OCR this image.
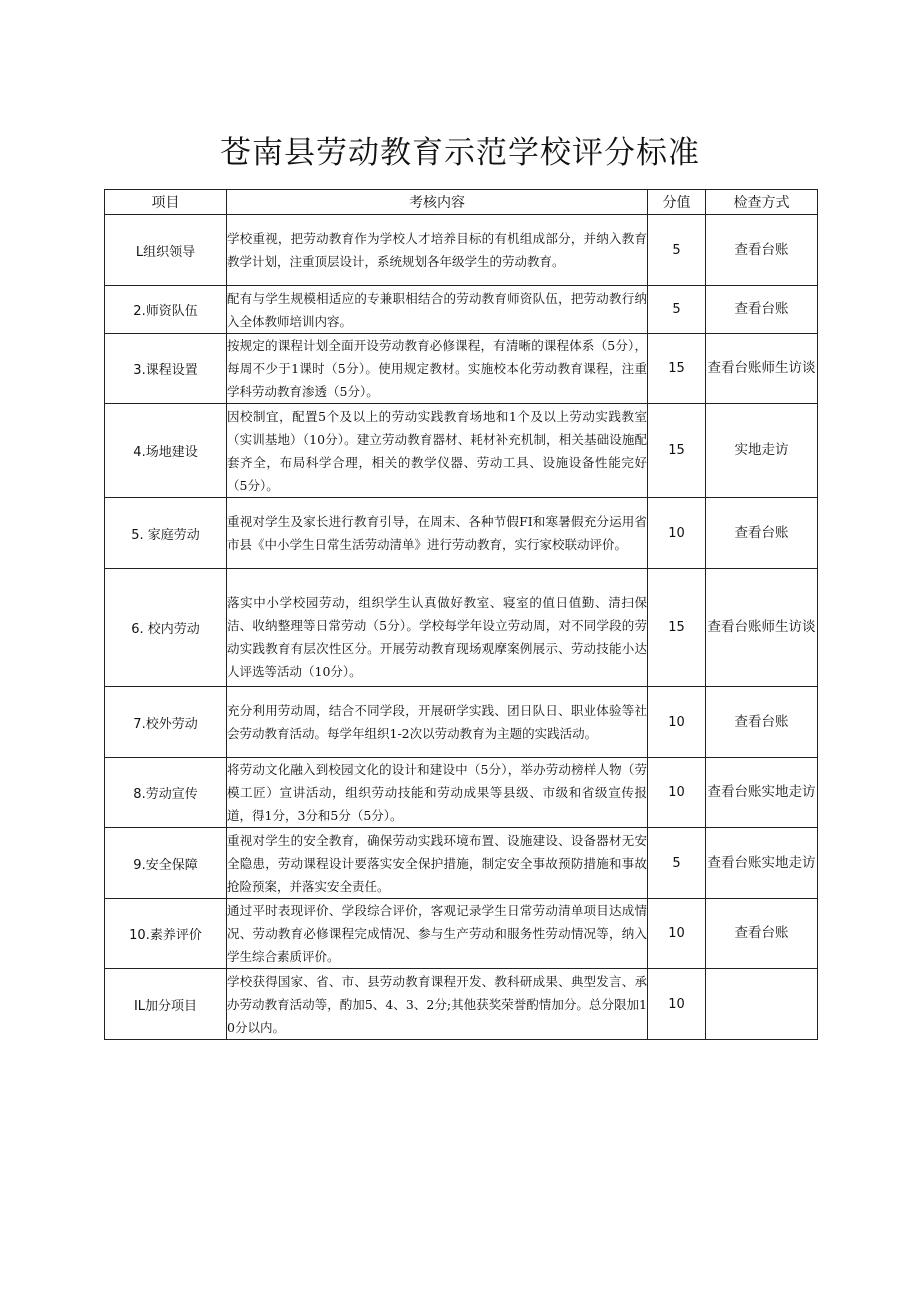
苍南县劳动教育示范学校评分标准
项目	考核内容	分值	检查方式
L组织领导	学校重视，把劳动教育作为学校人才培养目标的有机组成部分，并纳入教育教学计划，注重顶层设计，系统规划各年级学生的劳动教育。	5	查看台账
2.师资队伍	配有与学生规模相适应的专兼职相结合的劳动教育师资队伍，把劳动教行纳入全体教师培训内容。	5	查看台账
3.课程设置	按规定的课程计划全面开设劳动教育必修课程，有清晰的课程体系（5分），每周不少于1课时（5分）。使用规定教材。实施校本化劳动教育课程，注重学科劳动教育渗透（5分）。	15	查看台账师生访谈
4.场地建设	因校制宜，配置5个及以上的劳动实践教育场地和1个及以上劳动实践教室（实训基地）（10分）。建立劳动教育器材、耗材补充机制，相关基础设施配套齐全，布局科学合理，相关的教学仪器、劳动工具、设施设备性能完好（5分）。	15	实地走访
5. 家庭劳动	重视对学生及家长进行教育引导，在周末、各种节假FI和寒暑假充分运用省市县《中小学生日常生活劳动清单》进行劳动教育，实行家校联动评价。	10	查看台账
6. 校内劳动	落实中小学校园劳动，组织学生认真做好教室、寝室的值日值勤、清扫保洁、收纳整理等日常劳动（5分）。学校每学年设立劳动周，对不同学段的劳动实践教育有层次性区分。开展劳动教育现场观摩案例展示、劳动技能小达人评选等活动（10分）。	15	查看台账师生访谈
7.校外劳动	充分利用劳动周，结合不同学段，开展研学实践、团日队日、职业体验等社会劳动教育活动。每学年组织1-2次以劳动教育为主题的实践活动。	10	查看台账
8.劳动宣传	将劳动文化融入到校园文化的设计和建设中（5分），举办劳动榜样人物（劳模工匠）宣讲活动，组织劳动技能和劳动成果等县级、市级和省级宣传报道，得1分，3分和5分（5分）。	10	查看台账实地走访
9.安全保障	重视对学生的安全教育，确保劳动实践环境布置、设施建设、设备器材无安全隐患，劳动课程设计要落实安全保护措施，制定安全事故预防措施和事故抢险预案，并落实安全责任。	5	查看台账实地走访
10.素养评价	通过平时表现评价、学段综合评价，客观记录学生日常劳动清单项目达成情况、劳动教育必修课程完成情况、参与生产劳动和服务性劳动情况等，纳入学生综合素质评价。	10	查看台账
IL加分项目	学校获得国家、省、市、县劳动教育课程开发、教科研成果、典型发言、承办劳动教育活动等，酌加5、4、3、2分;其他获奖荣誉酌情加分。总分限加10分以内。	10	
